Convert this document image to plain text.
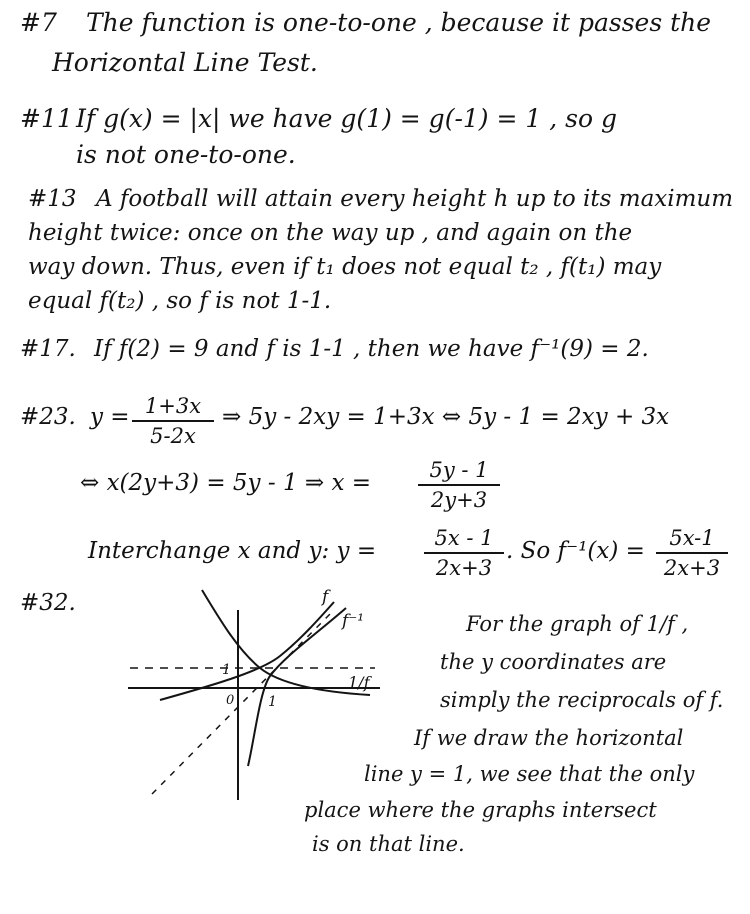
#7 The function is one-to-one , because it passes the
Horizontal Line Test.
#11 If g(x) = |x| we have g(1) = g(-1) = 1 , so g
is not one-to-one.
#13 A football will attain every height h up to its maximum
height twice: once on the way up , and again on the
way down. Thus, even if t₁ does not equal t₂ , f(t₁) may
equal f(t₂) , so f is not 1-1.
#17. If f(2) = 9 and f is 1-1 , then we have f⁻¹(9) = 2.
#23. y = 1+3x
5-2x
⇒ 5y - 2xy = 1+3x ⇔ 5y - 1 = 2xy + 3x
⇔ x(2y+3) = 5y - 1 ⇒ x =	5y - 1
2y+3
Interchange x and y: y =	5x - 1
2x+3
. So f⁻¹(x) =	5x-1
2x+3
#32.	f
f⁻¹
1/f
1
1
0
For the graph of 1/f ,
the y coordinates are
simply the reciprocals of f.
If we draw the horizontal
line y = 1, we see that the only
place where the graphs intersect
is on that line.
